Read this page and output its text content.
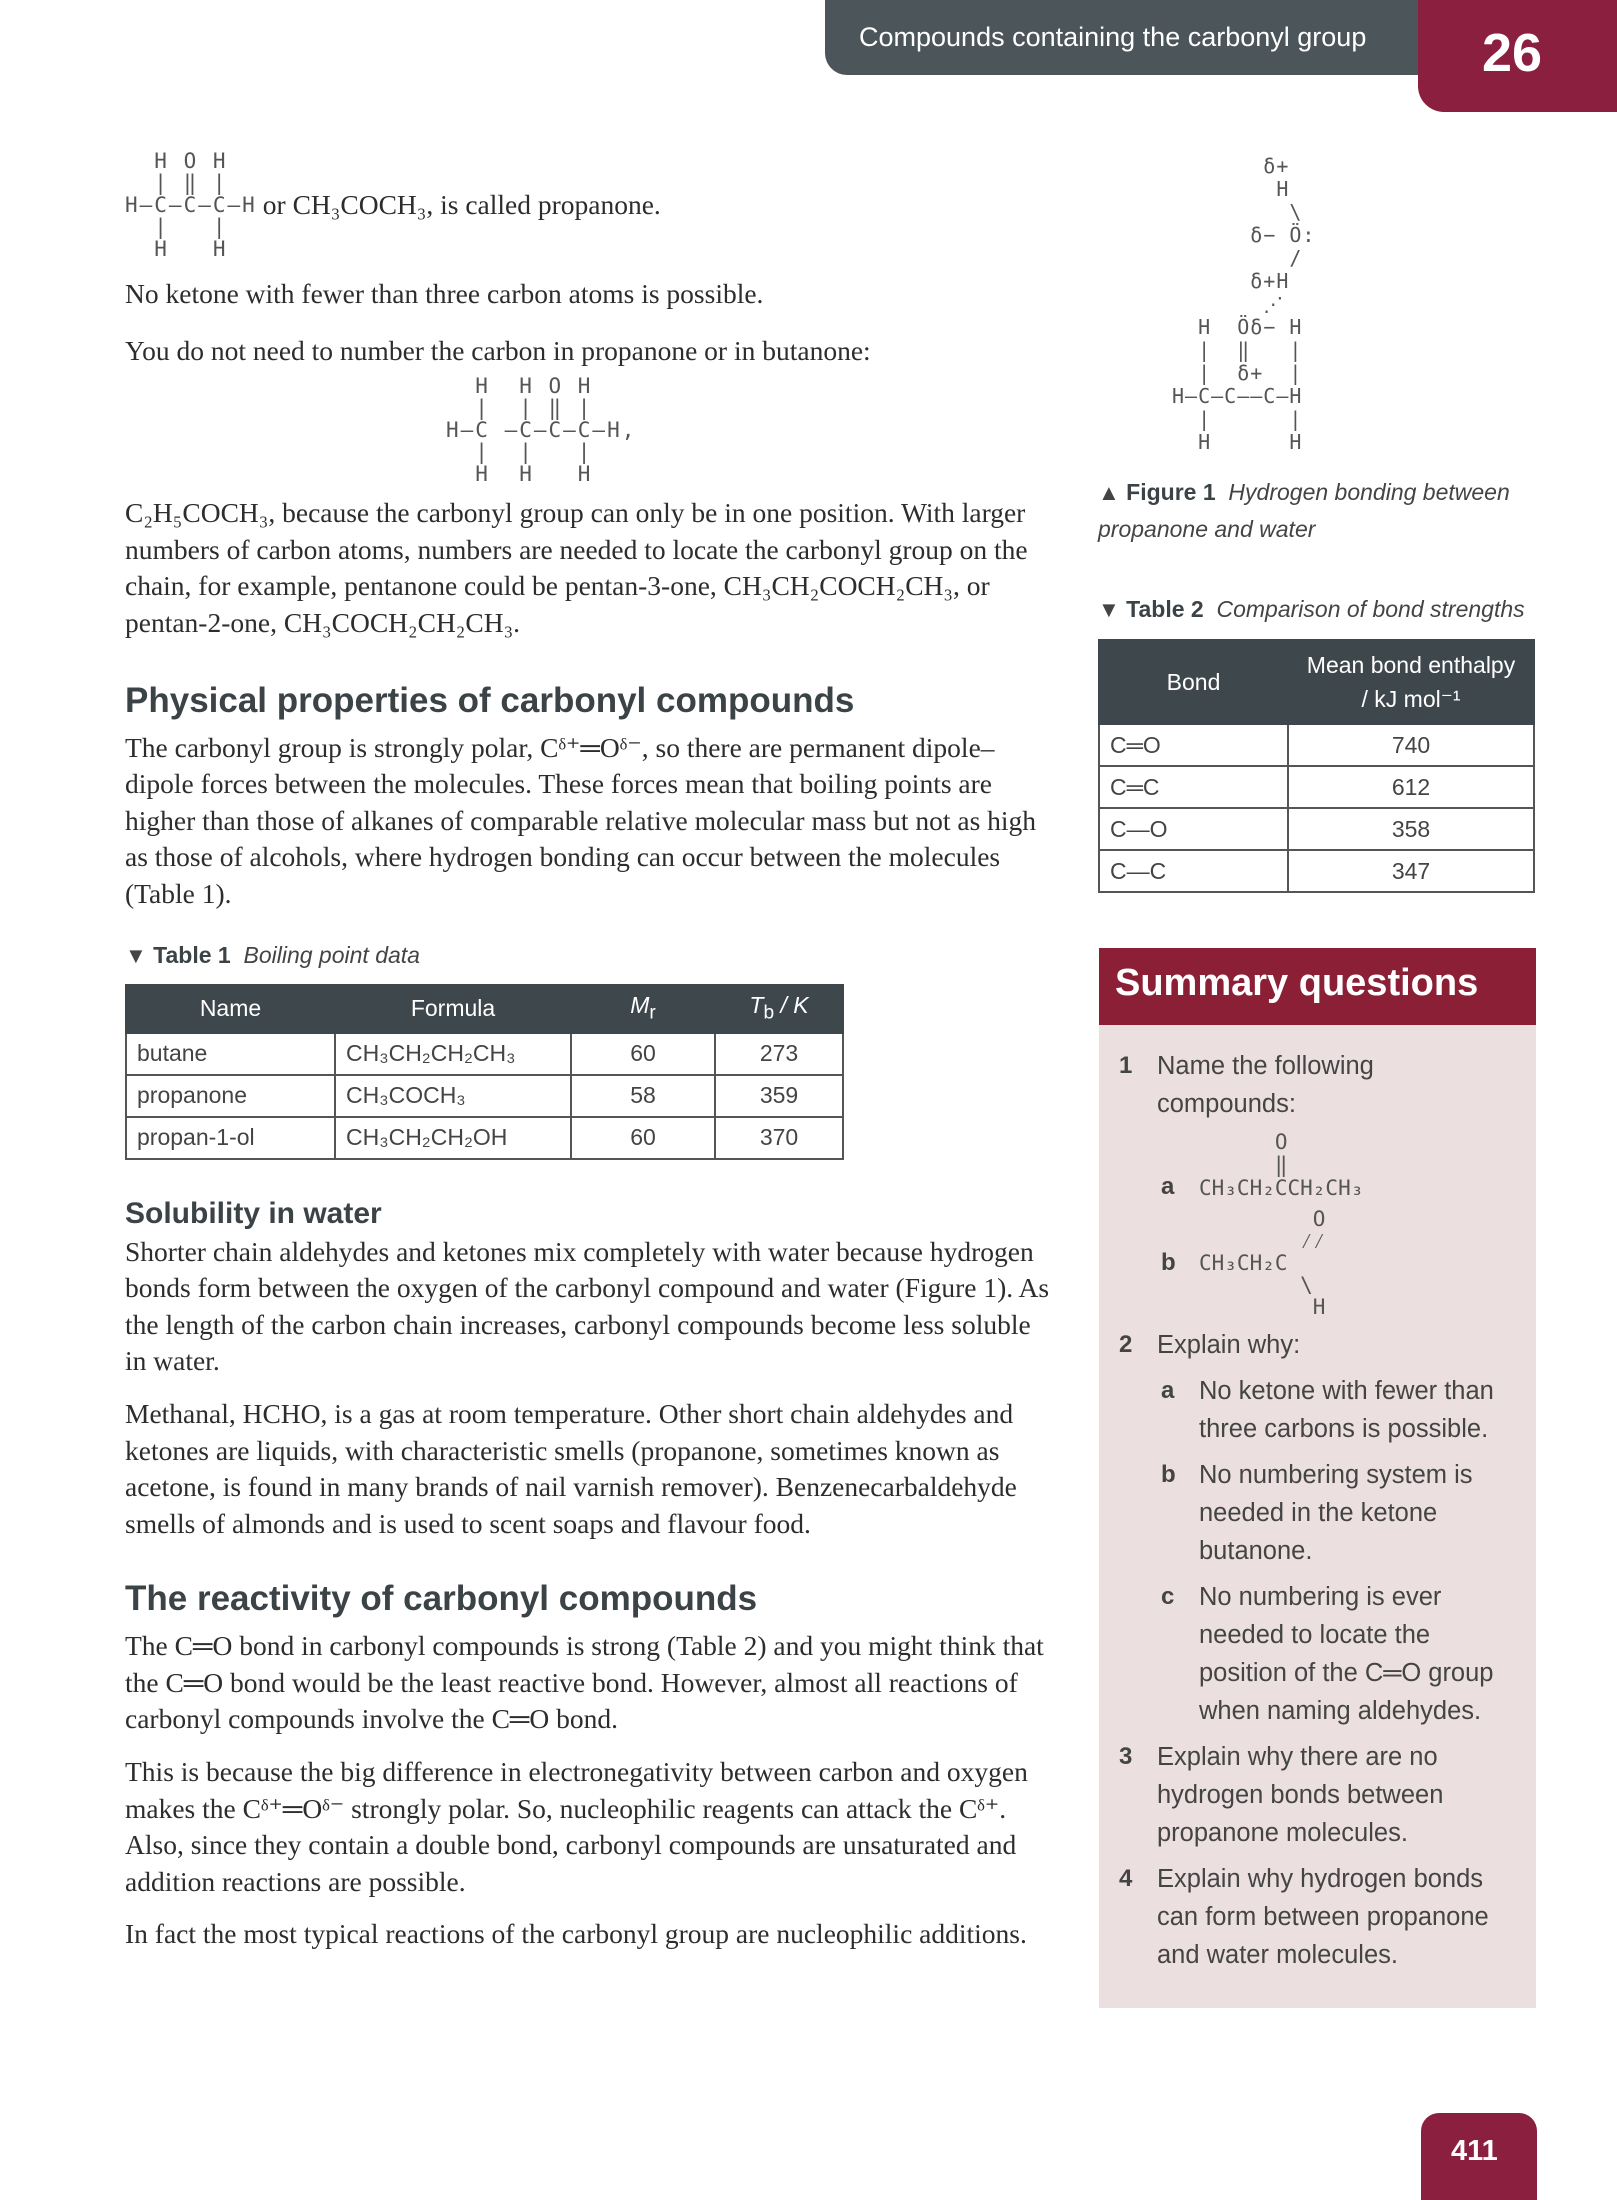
Compounds containing the carbonyl group 26
H O H
| ‖ |
H—C—C—C—H
|   |
H   H
or CH₃COCH₃, is called propanone.
No ketone with fewer than three carbon atoms is possible.
You do not need to number the carbon in propanone or in butanone:
H  H O H
|  | ‖ |
H—C —C—C—C—H,
|  |   |
H  H   H
C₂H₅COCH₃, because the carbonyl group can only be in one position. With larger numbers of carbon atoms, numbers are needed to locate the carbonyl group on the chain, for example, pentanone could be pentan-3-one, CH₃CH₂COCH₂CH₃, or pentan-2-one, CH₃COCH₂CH₂CH₃.
Physical properties of carbonyl compounds
The carbonyl group is strongly polar, Cᵟ⁺═Oᵟ⁻, so there are permanent dipole–dipole forces between the molecules. These forces mean that boiling points are higher than those of alkanes of comparable relative molecular mass but not as high as those of alcohols, where hydrogen bonding can occur between the molecules (Table 1).
▼ Table 1 Boiling point data
Name	Formula	$M_r$	$T_b$ / K
butane	CH₃CH₂CH₂CH₃	60	273
propanone	CH₃COCH₃	58	359
propan-1-ol	CH₃CH₂CH₂OH	60	370
Solubility in water
Shorter chain aldehydes and ketones mix completely with water because hydrogen bonds form between the oxygen of the carbonyl compound and water (Figure 1). As the length of the carbon chain increases, carbonyl compounds become less soluble in water.
Methanal, HCHO, is a gas at room temperature. Other short chain aldehydes and ketones are liquids, with characteristic smells (propanone, sometimes known as acetone, is found in many brands of nail varnish remover). Benzenecarbaldehyde smells of almonds and is used to scent soaps and flavour food.
The reactivity of carbonyl compounds
The C═O bond in carbonyl compounds is strong (Table 2) and you might think that the C═O bond would be the least reactive bond. However, almost all reactions of carbonyl compounds involve the C═O bond.
This is because the big difference in electronegativity between carbon and oxygen makes the Cᵟ⁺═Oᵟ⁻ strongly polar. So, nucleophilic reagents can attack the Cᵟ⁺. Also, since they contain a double bond, carbonyl compounds are unsaturated and addition reactions are possible.
In fact the most typical reactions of the carbonyl group are nucleophilic additions.
δ+
H
\
δ− Ö:
/
δ+H
⋰
H  Öδ− H
|  ‖   |
|  δ+  |
H—C—C——C—H
|      |
H      H
▲ Figure 1 Hydrogen bonding between propanone and water
▼ Table 2 Comparison of bond strengths
Bond	Mean bond enthalpy / kJ mol⁻¹
C═O	740
C═C	612
C—O	358
C—C	347
Summary questions
1 Name the following compounds:
a
O
‖
CH₃CH₂CCH₂CH₃
b
O
⁄⁄
CH₃CH₂C
\
H
2 Explain why:
a No ketone with fewer than three carbons is possible.
b No numbering system is needed in the ketone butanone.
c No numbering is ever needed to locate the position of the C═O group when naming aldehydes.
3 Explain why there are no hydrogen bonds between propanone molecules.
4 Explain why hydrogen bonds can form between propanone and water molecules.
411
